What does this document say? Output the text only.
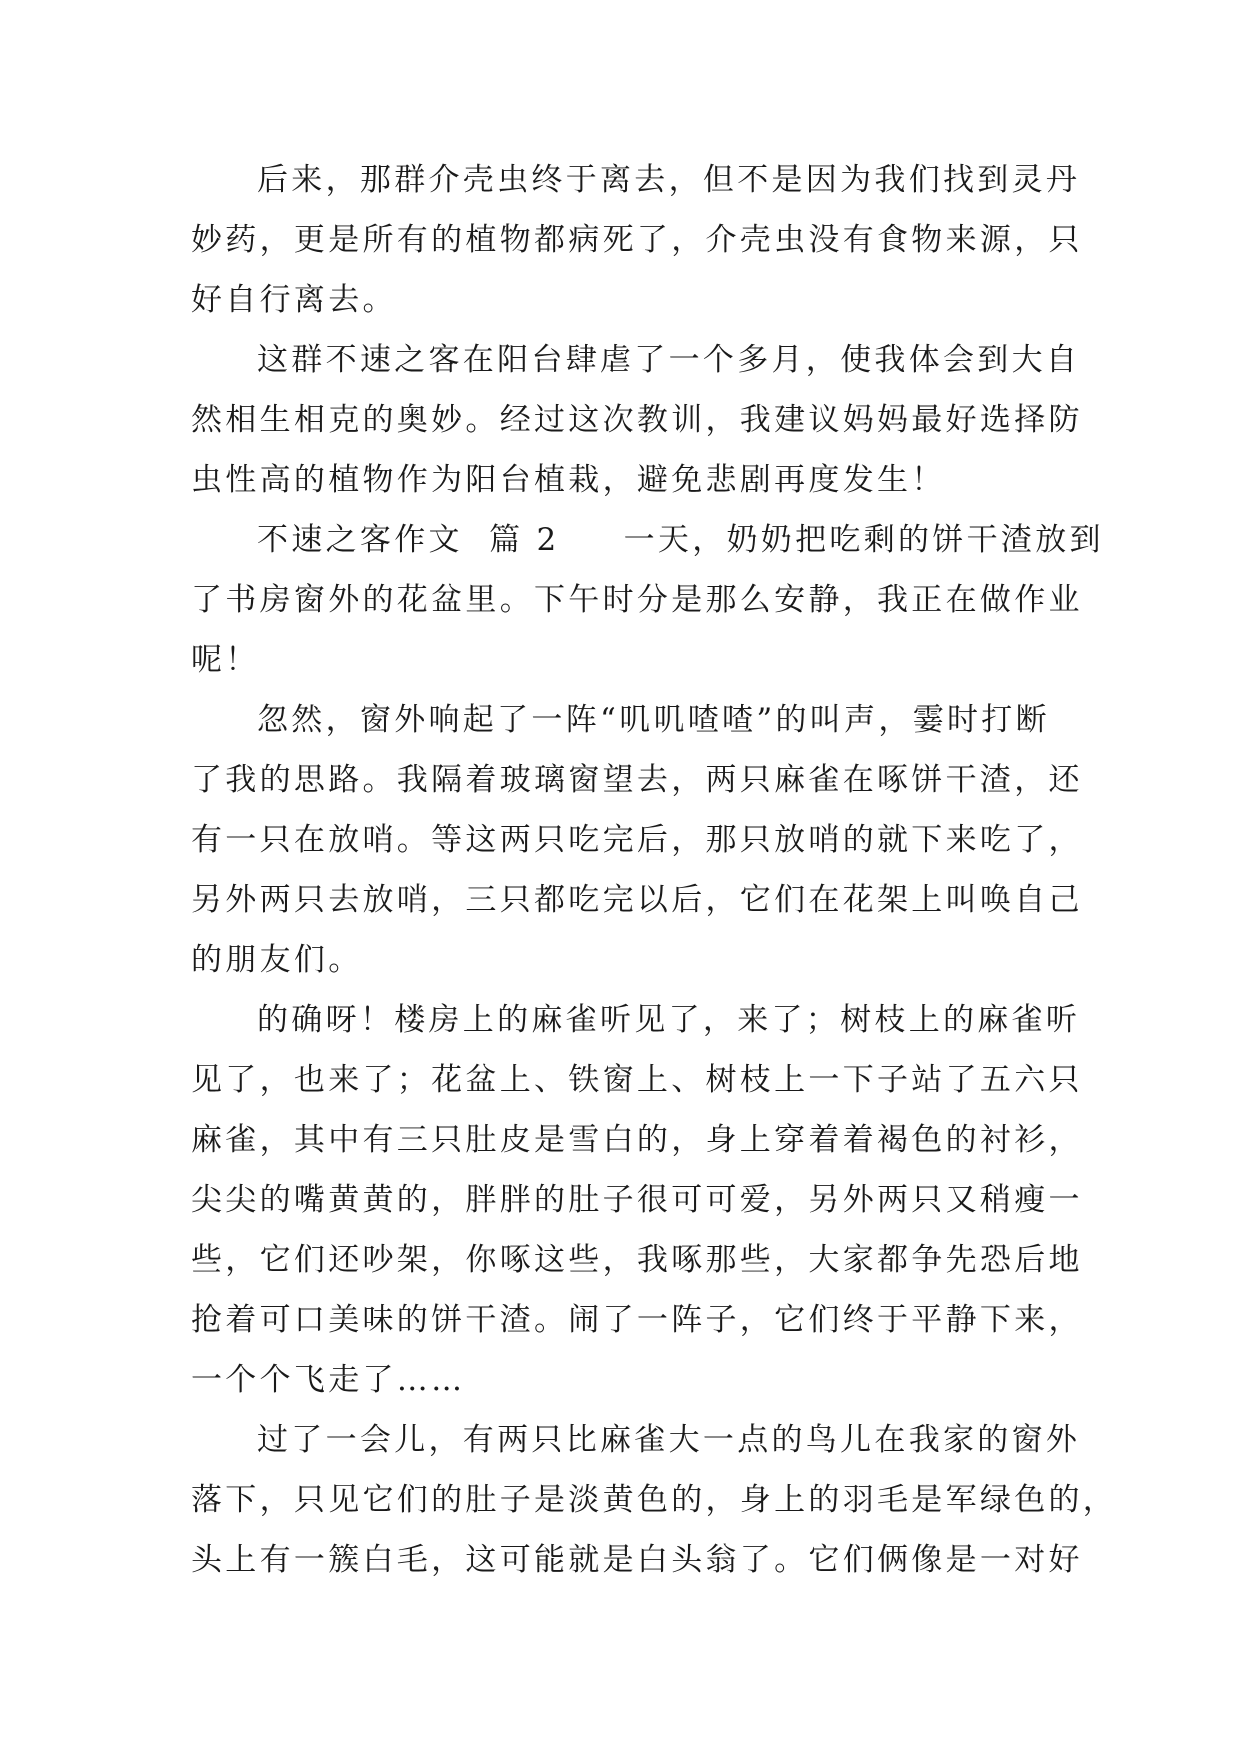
后来，那群介壳虫终于离去，但不是因为我们找到灵丹
妙药，更是所有的植物都病死了，介壳虫没有食物来源，只
好自行离去。
这群不速之客在阳台肆虐了一个多月，使我体会到大自
然相生相克的奥妙。经过这次教训，我建议妈妈最好选择防
虫性高的植物作为阳台植栽，避免悲剧再度发生！
不速之客作文  篇 2 一天，奶奶把吃剩的饼干渣放到
了书房窗外的花盆里。下午时分是那么安静，我正在做作业
呢！
忽然，窗外响起了一阵“叽叽喳喳”的叫声，霎时打断
了我的思路。我隔着玻璃窗望去，两只麻雀在啄饼干渣，还
有一只在放哨。等这两只吃完后，那只放哨的就下来吃了，
另外两只去放哨，三只都吃完以后，它们在花架上叫唤自己
的朋友们。
的确呀！楼房上的麻雀听见了，来了；树枝上的麻雀听
见了，也来了；花盆上、铁窗上、树枝上一下子站了五六只
麻雀，其中有三只肚皮是雪白的，身上穿着着褐色的衬衫，
尖尖的嘴黄黄的，胖胖的肚子很可可爱，另外两只又稍瘦一
些，它们还吵架，你啄这些，我啄那些，大家都争先恐后地
抢着可口美味的饼干渣。闹了一阵子，它们终于平静下来，
一个个飞走了……
过了一会儿，有两只比麻雀大一点的鸟儿在我家的窗外
落下，只见它们的肚子是淡黄色的，身上的羽毛是军绿色的，
头上有一簇白毛，这可能就是白头翁了。它们俩像是一对好
